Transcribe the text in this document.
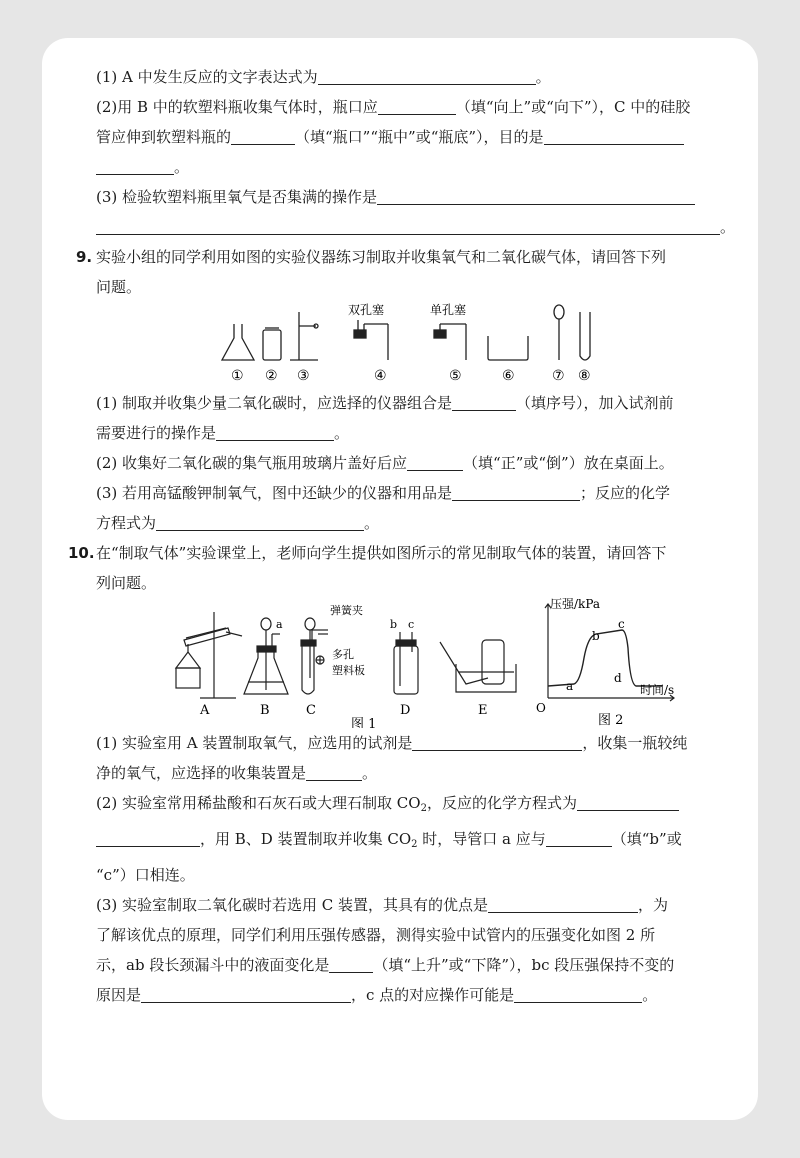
(1) A 中发生反应的文字表达式为	。
(2)用 B 中的软塑料瓶收集气体时，瓶口应	（填“向上”或“向下”），C 中的硅胶
管应伸到软塑料瓶的	（填“瓶口”“瓶中”或“瓶底”），目的是
。
(3) 检验软塑料瓶里氧气是否集满的操作是
。
9. 实验小组的同学利用如图的实验仪器练习制取并收集氧气和二氧化碳气体，请回答下列
问题。
双孔塞	单孔塞
① ② ③	④	⑤	⑥	⑦ ⑧
(1) 制取并收集少量二氧化碳时，应选择的仪器组合是	（填序号），加入试剂前
需要进行的操作是	。
(2) 收集好二氧化碳的集气瓶用玻璃片盖好后应	（填“正”或“倒”）放在桌面上。
(3) 若用高锰酸钾制氧气，图中还缺少的仪器和用品是	；反应的化学
方程式为	。
10. 在“制取气体”实验课堂上，老师向学生提供如图所示的常见制取气体的装置，请回答下
列问题。
弹簧夹
多孔
塑料板
a	b c
A	B	C	D	E
图 1
压强/kPa
时间/s
O
a
b
c
d
图 2
(1) 实验室用 A 装置制取氧气，应选用的试剂是	，收集一瓶较纯
净的氧气，应选择的收集装置是	。
(2) 实验室常用稀盐酸和石灰石或大理石制取 $CO_2$，反应的化学方程式为
，用 B、D 装置制取并收集 $CO_2$ 时，导管口 a 应与	（填“b”或
“c”）口相连。
(3) 实验室制取二氧化碳时若选用 C 装置，其具有的优点是	，为
了解该优点的原理，同学们利用压强传感器，测得实验中试管内的压强变化如图 2 所
示，ab 段长颈漏斗中的液面变化是	（填“上升”或“下降”），bc 段压强保持不变的
原因是	，c 点的对应操作可能是	。
